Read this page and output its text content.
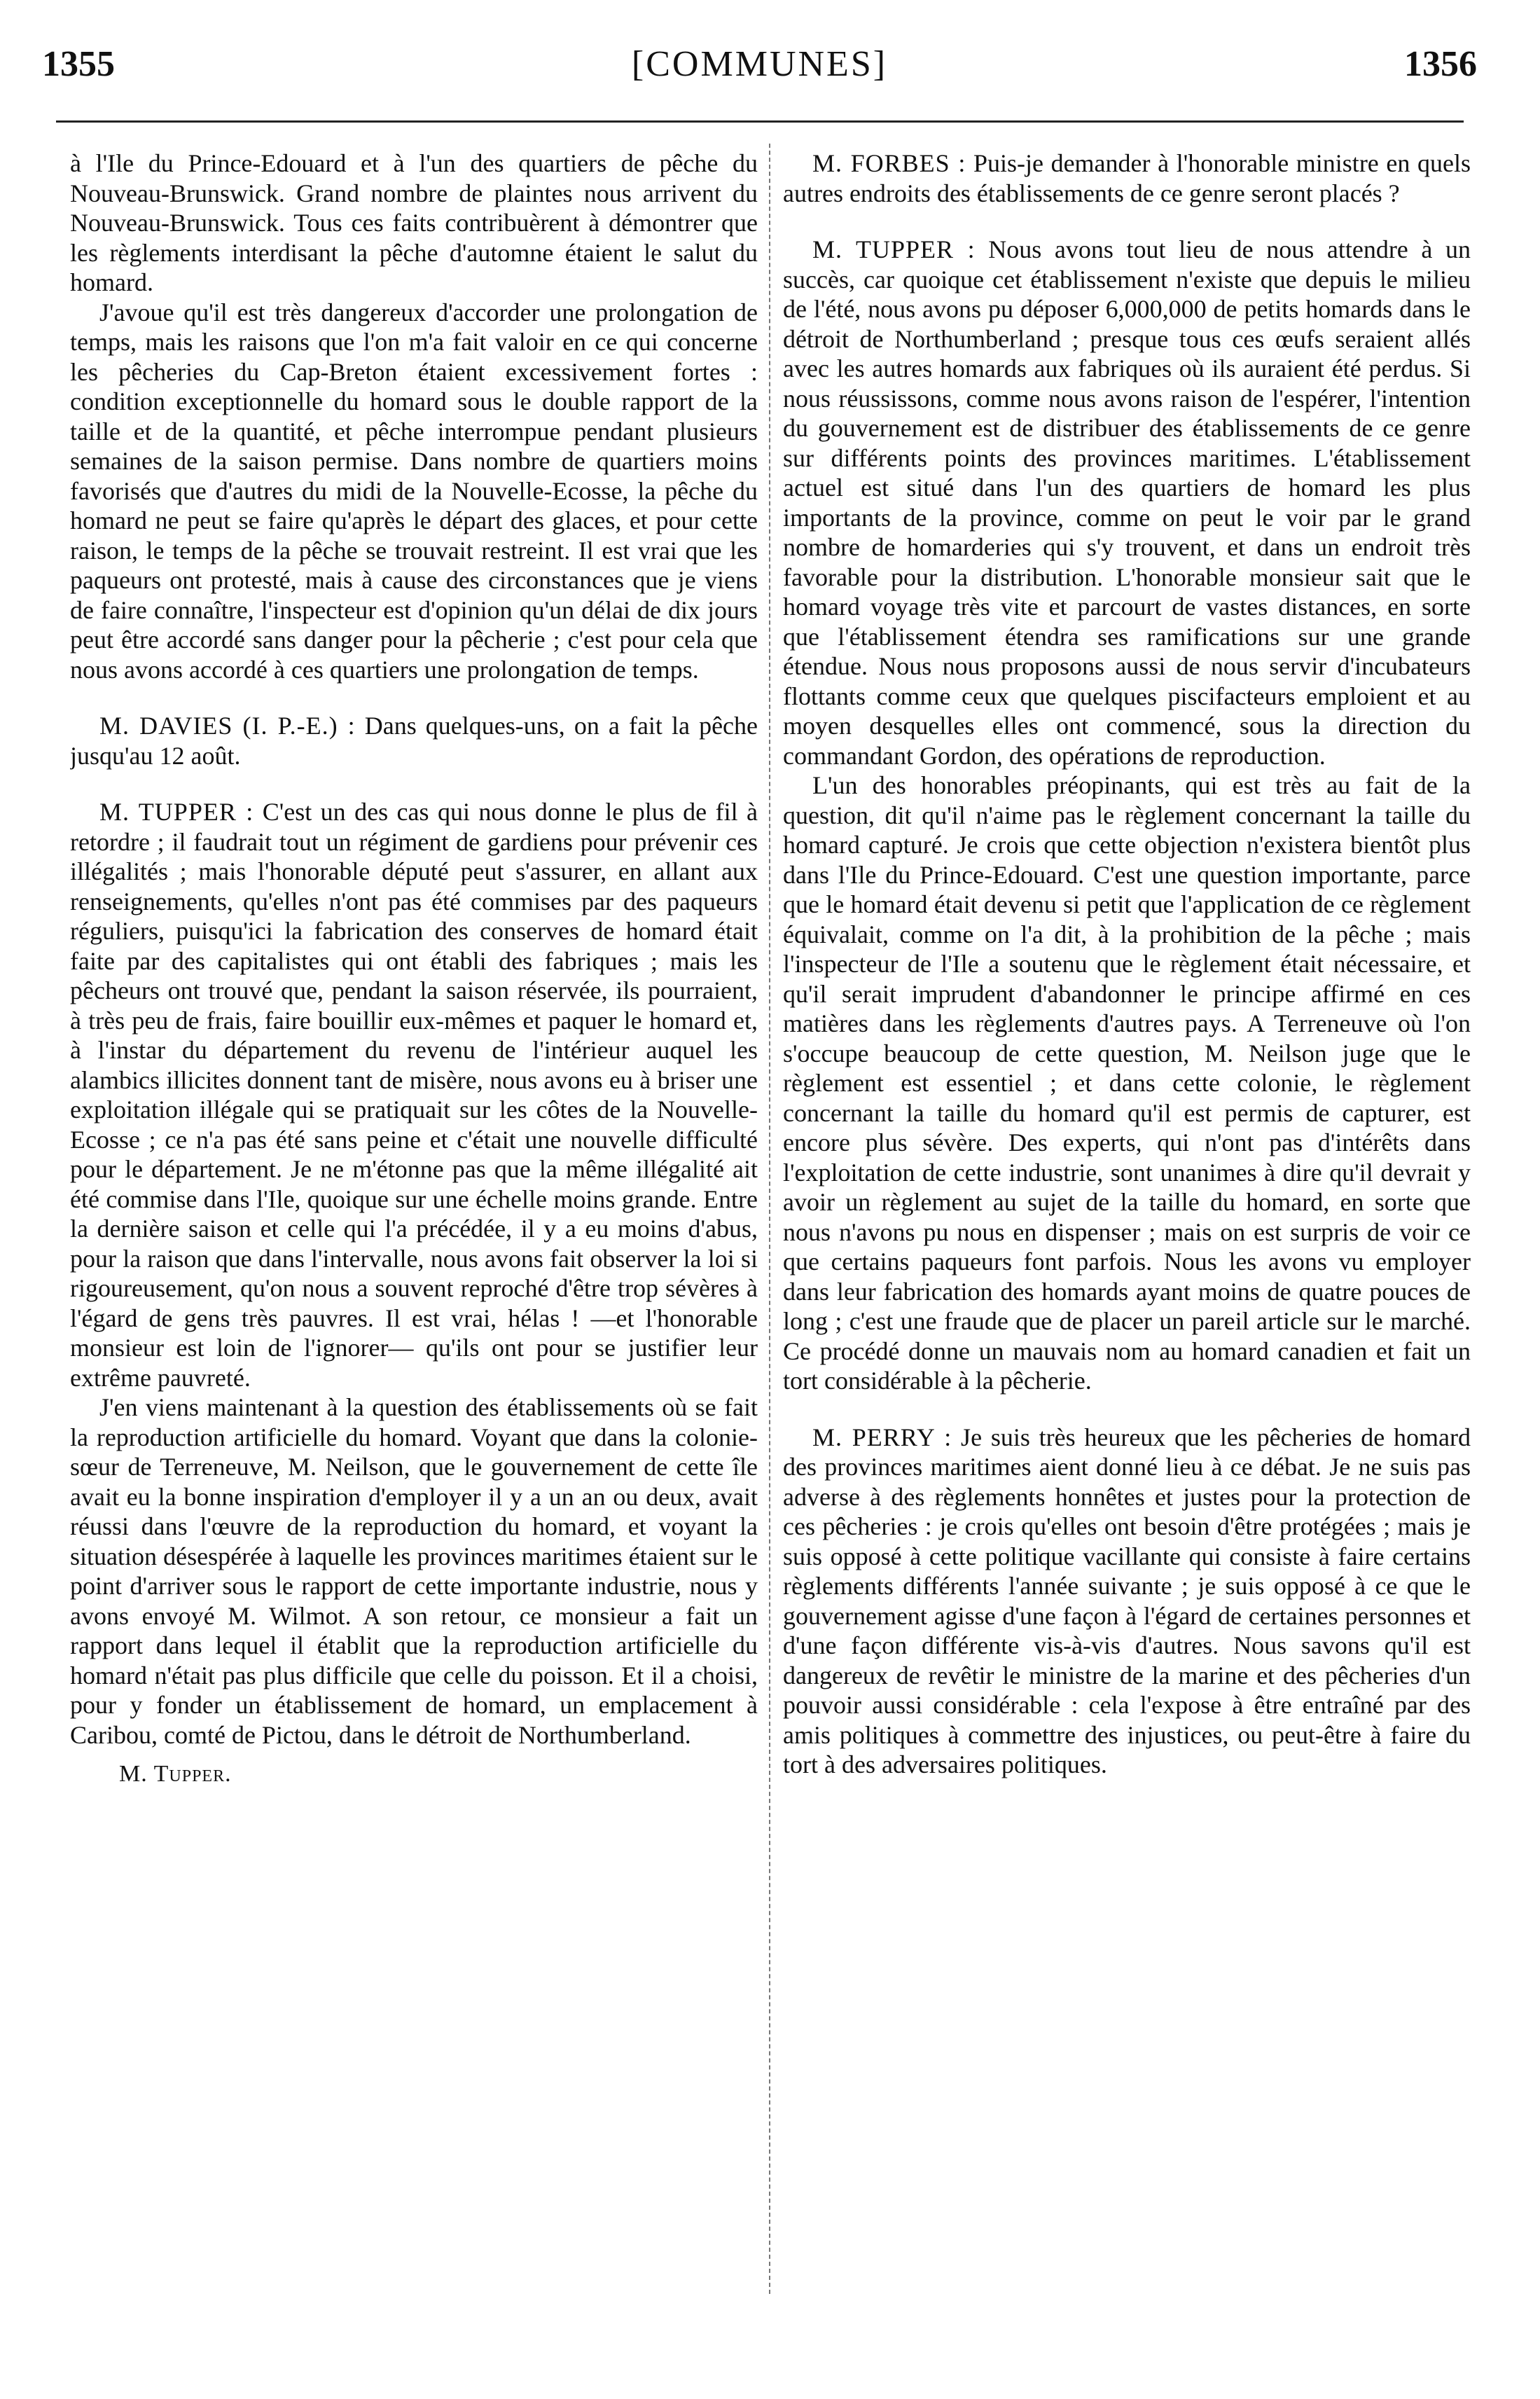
1355	[COMMUNES]	1356

à l'Ile du Prince-Edouard et à l'un des quartiers de pêche du Nouveau-Brunswick. Grand nombre de plaintes nous arrivent du Nouveau-Brunswick. Tous ces faits contribuèrent à démontrer que les règlements interdisant la pêche d'automne étaient le salut du homard.

J'avoue qu'il est très dangereux d'accorder une prolongation de temps, mais les raisons que l'on m'a fait valoir en ce qui concerne les pêcheries du Cap-Breton étaient excessivement fortes : condition exceptionnelle du homard sous le double rapport de la taille et de la quantité, et pêche interrompue pendant plusieurs semaines de la saison permise. Dans nombre de quartiers moins favorisés que d'autres du midi de la Nouvelle-Ecosse, la pêche du homard ne peut se faire qu'après le départ des glaces, et pour cette raison, le temps de la pêche se trouvait restreint. Il est vrai que les paqueurs ont protesté, mais à cause des circonstances que je viens de faire connaître, l'inspecteur est d'opinion qu'un délai de dix jours peut être accordé sans danger pour la pêcherie ; c'est pour cela que nous avons accordé à ces quartiers une prolongation de temps.

M. DAVIES (I. P.-E.) : Dans quelques-uns, on a fait la pêche jusqu'au 12 août.

M. TUPPER : C'est un des cas qui nous donne le plus de fil à retordre ; il faudrait tout un régiment de gardiens pour prévenir ces illégalités ; mais l'honorable député peut s'assurer, en allant aux renseignements, qu'elles n'ont pas été commises par des paqueurs réguliers, puisqu'ici la fabrication des conserves de homard était faite par des capitalistes qui ont établi des fabriques ; mais les pêcheurs ont trouvé que, pendant la saison réservée, ils pourraient, à très peu de frais, faire bouillir eux-mêmes et paquer le homard et, à l'instar du département du revenu de l'intérieur auquel les alambics illicites donnent tant de misère, nous avons eu à briser une exploitation illégale qui se pratiquait sur les côtes de la Nouvelle-Ecosse ; ce n'a pas été sans peine et c'était une nouvelle difficulté pour le département. Je ne m'étonne pas que la même illégalité ait été commise dans l'Ile, quoique sur une échelle moins grande. Entre la dernière saison et celle qui l'a précédée, il y a eu moins d'abus, pour la raison que dans l'intervalle, nous avons fait observer la loi si rigoureusement, qu'on nous a souvent reproché d'être trop sévères à l'égard de gens très pauvres. Il est vrai, hélas ! —et l'honorable monsieur est loin de l'ignorer— qu'ils ont pour se justifier leur extrême pauvreté.

J'en viens maintenant à la question des établissements où se fait la reproduction artificielle du homard. Voyant que dans la colonie-sœur de Terreneuve, M. Neilson, que le gouvernement de cette île avait eu la bonne inspiration d'employer il y a un an ou deux, avait réussi dans l'œuvre de la reproduction du homard, et voyant la situation désespérée à laquelle les provinces maritimes étaient sur le point d'arriver sous le rapport de cette importante industrie, nous y avons envoyé M. Wilmot. A son retour, ce monsieur a fait un rapport dans lequel il établit que la reproduction artificielle du homard n'était pas plus difficile que celle du poisson. Et il a choisi, pour y fonder un établissement de homard, un emplacement à Caribou, comté de Pictou, dans le détroit de Northumberland.

M. Tupper.

M. FORBES : Puis-je demander à l'honorable ministre en quels autres endroits des établissements de ce genre seront placés ?

M. TUPPER : Nous avons tout lieu de nous attendre à un succès, car quoique cet établissement n'existe que depuis le milieu de l'été, nous avons pu déposer 6,000,000 de petits homards dans le détroit de Northumberland ; presque tous ces œufs seraient allés avec les autres homards aux fabriques où ils auraient été perdus. Si nous réussissons, comme nous avons raison de l'espérer, l'intention du gouvernement est de distribuer des établissements de ce genre sur différents points des provinces maritimes. L'établissement actuel est situé dans l'un des quartiers de homard les plus importants de la province, comme on peut le voir par le grand nombre de homarderies qui s'y trouvent, et dans un endroit très favorable pour la distribution. L'honorable monsieur sait que le homard voyage très vite et parcourt de vastes distances, en sorte que l'établissement étendra ses ramifications sur une grande étendue. Nous nous proposons aussi de nous servir d'incubateurs flottants comme ceux que quelques piscifacteurs emploient et au moyen desquelles elles ont commencé, sous la direction du commandant Gordon, des opérations de reproduction.

L'un des honorables préopinants, qui est très au fait de la question, dit qu'il n'aime pas le règlement concernant la taille du homard capturé. Je crois que cette objection n'existera bientôt plus dans l'Ile du Prince-Edouard. C'est une question importante, parce que le homard était devenu si petit que l'application de ce règlement équivalait, comme on l'a dit, à la prohibition de la pêche ; mais l'inspecteur de l'Ile a soutenu que le règlement était nécessaire, et qu'il serait imprudent d'abandonner le principe affirmé en ces matières dans les règlements d'autres pays. A Terreneuve où l'on s'occupe beaucoup de cette question, M. Neilson juge que le règlement est essentiel ; et dans cette colonie, le règlement concernant la taille du homard qu'il est permis de capturer, est encore plus sévère. Des experts, qui n'ont pas d'intérêts dans l'exploitation de cette industrie, sont unanimes à dire qu'il devrait y avoir un règlement au sujet de la taille du homard, en sorte que nous n'avons pu nous en dispenser ; mais on est surpris de voir ce que certains paqueurs font parfois. Nous les avons vu employer dans leur fabrication des homards ayant moins de quatre pouces de long ; c'est une fraude que de placer un pareil article sur le marché. Ce procédé donne un mauvais nom au homard canadien et fait un tort considérable à la pêcherie.

M. PERRY : Je suis très heureux que les pêcheries de homard des provinces maritimes aient donné lieu à ce débat. Je ne suis pas adverse à des règlements honnêtes et justes pour la protection de ces pêcheries : je crois qu'elles ont besoin d'être protégées ; mais je suis opposé à cette politique vacillante qui consiste à faire certains règlements différents l'année suivante ; je suis opposé à ce que le gouvernement agisse d'une façon à l'égard de certaines personnes et d'une façon différente vis-à-vis d'autres. Nous savons qu'il est dangereux de revêtir le ministre de la marine et des pêcheries d'un pouvoir aussi considérable : cela l'expose à être entraîné par des amis politiques à commettre des injustices, ou peut-être à faire du tort à des adversaires politiques.
